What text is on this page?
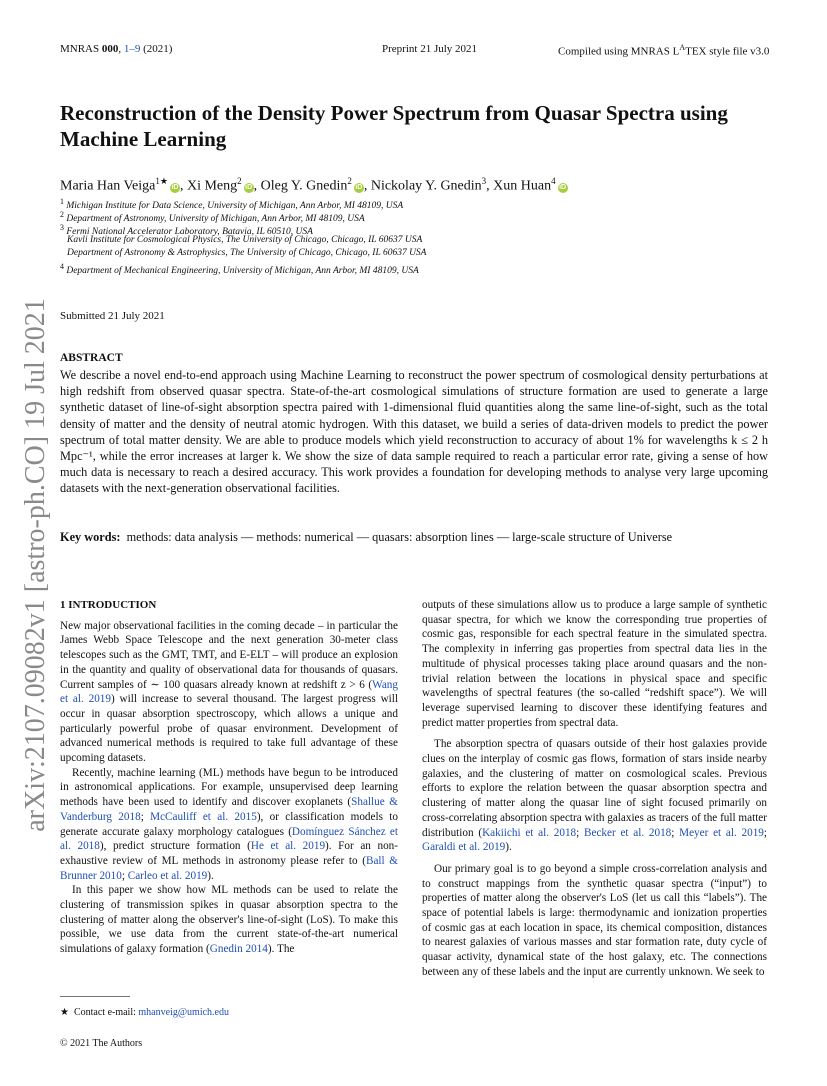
MNRAS 000, 1–9 (2021)	Preprint 21 July 2021	Compiled using MNRAS $L^ATEX$ style file v3.0
arXiv:2107.09082v1 [astro-ph.CO] 19 Jul 2021
Reconstruction of the Density Power Spectrum from Quasar Spectra using Machine Learning
Maria Han Veiga$^{1★}$iD , Xi Meng$^2$iD , Oleg Y. Gnedin$^2$iD , Nickolay Y. Gnedin$^3$, Xun Huan$^4$iD
$^1$ Michigan Institute for Data Science, University of Michigan, Ann Arbor, MI 48109, USA
$^2$ Department of Astronomy, University of Michigan, Ann Arbor, MI 48109, USA
$^3$ Fermi National Accelerator Laboratory, Batavia, IL 60510, USA
Kavli Institute for Cosmological Physics, The University of Chicago, Chicago, IL 60637 USA
Department of Astronomy & Astrophysics, The University of Chicago, Chicago, IL 60637 USA
$^4$ Department of Mechanical Engineering, University of Michigan, Ann Arbor, MI 48109, USA
Submitted 21 July 2021
ABSTRACT
We describe a novel end-to-end approach using Machine Learning to reconstruct the power spectrum of cosmological density perturbations at high redshift from observed quasar spectra. State-of-the-art cosmological simulations of structure formation are used to generate a large synthetic dataset of line-of-sight absorption spectra paired with 1-dimensional fluid quantities along the same line-of-sight, such as the total density of matter and the density of neutral atomic hydrogen. With this dataset, we build a series of data-driven models to predict the power spectrum of total matter density. We are able to produce models which yield reconstruction to accuracy of about 1% for wavelengths k ≤ 2 h Mpc⁻¹, while the error increases at larger k. We show the size of data sample required to reach a particular error rate, giving a sense of how much data is necessary to reach a desired accuracy. This work provides a foundation for developing methods to analyse very large upcoming datasets with the next-generation observational facilities.
Key words: methods: data analysis — methods: numerical — quasars: absorption lines — large-scale structure of Universe
1 INTRODUCTION

New major observational facilities in the coming decade – in particular the James Webb Space Telescope and the next generation 30-meter class telescopes such as the GMT, TMT, and E-ELT – will produce an explosion in the quantity and quality of observational data for thousands of quasars. Current samples of ∼ 100 quasars already known at redshift z > 6 (Wang et al. 2019) will increase to several thousand. The largest progress will occur in quasar absorption spectroscopy, which allows a unique and particularly powerful probe of quasar environment. Development of advanced numerical methods is required to take full advantage of these upcoming datasets.

Recently, machine learning (ML) methods have begun to be introduced in astronomical applications. For example, unsupervised deep learning methods have been used to identify and discover exoplanets (Shallue & Vanderburg 2018; McCauliff et al. 2015), or classification models to generate accurate galaxy morphology catalogues (Domínguez Sánchez et al. 2018), predict structure formation (He et al. 2019). For an non-exhaustive review of ML methods in astronomy please refer to (Ball & Brunner 2010; Carleo et al. 2019).

In this paper we show how ML methods can be used to relate the clustering of transmission spikes in quasar absorption spectra to the clustering of matter along the observer's line-of-sight (LoS). To make this possible, we use data from the current state-of-the-art numerical simulations of galaxy formation (Gnedin 2014). The

outputs of these simulations allow us to produce a large sample of synthetic quasar spectra, for which we know the corresponding true properties of cosmic gas, responsible for each spectral feature in the simulated spectra. The complexity in inferring gas properties from spectral data lies in the multitude of physical processes taking place around quasars and the non-trivial relation between the locations in physical space and specific wavelengths of spectral features (the so-called “redshift space”). We will leverage supervised learning to discover these identifying features and predict matter properties from spectral data.

The absorption spectra of quasars outside of their host galaxies provide clues on the interplay of cosmic gas flows, formation of stars inside nearby galaxies, and the clustering of matter on cosmological scales. Previous efforts to explore the relation between the quasar absorption spectra and clustering of matter along the quasar line of sight focused primarily on cross-correlating absorption spectra with galaxies as tracers of the full matter distribution (Kakiichi et al. 2018; Becker et al. 2018; Meyer et al. 2019; Garaldi et al. 2019).

Our primary goal is to go beyond a simple cross-correlation analysis and to construct mappings from the synthetic quasar spectra (“input”) to properties of matter along the observer's LoS (let us call this “labels”). The space of potential labels is large: thermodynamic and ionization properties of cosmic gas at each location in space, its chemical composition, distances to nearest galaxies of various masses and star formation rate, duty cycle of quasar activity, dynamical state of the host galaxy, etc. The connections between any of these labels and the input are currently unknown. We seek to

★ Contact e-mail: mhanveig@umich.edu
© 2021 The Authors
